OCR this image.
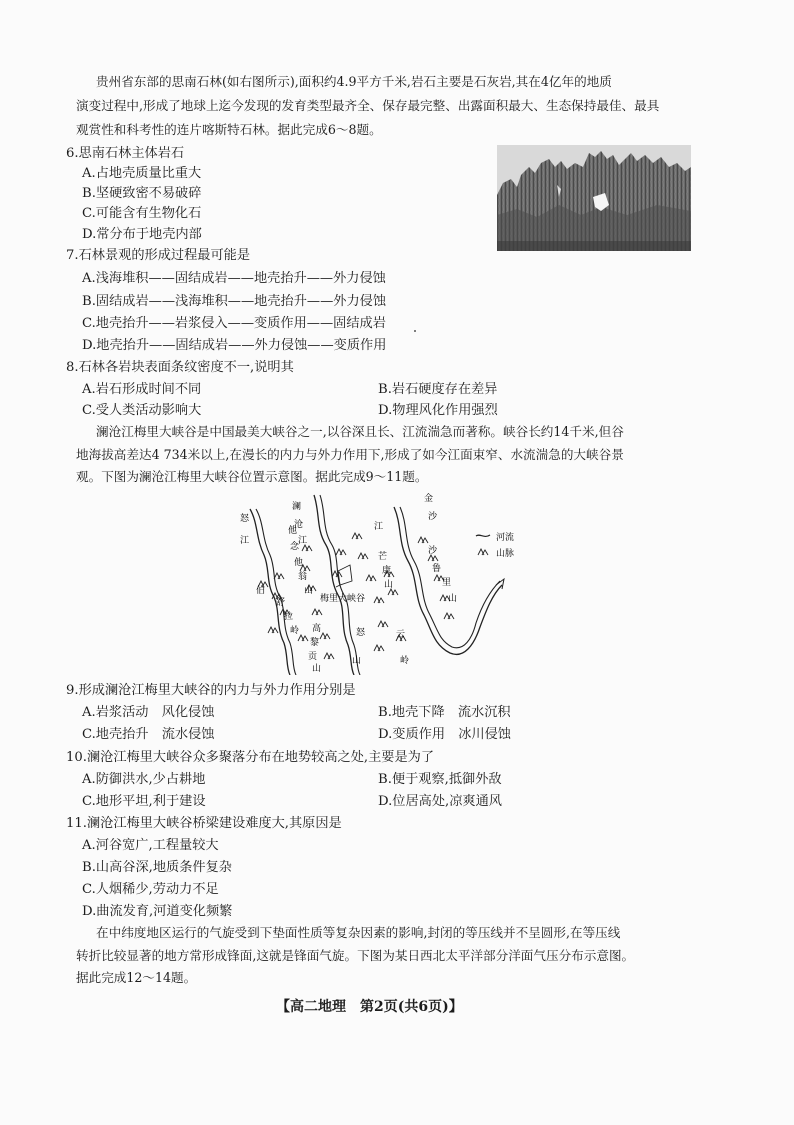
贵州省东部的思南石林(如右图所示),面积约4.9平方千米,岩石主要是石灰岩,其在4亿年的地质
演变过程中,形成了地球上迄今发现的发育类型最齐全、保存最完整、出露面积最大、生态保持最佳、最具
观赏性和科考性的连片喀斯特石林。据此完成6～8题。
6.思南石林主体岩石
A.占地壳质量比重大
B.坚硬致密不易破碎
C.可能含有生物化石
D.常分布于地壳内部
7.石林景观的形成过程最可能是
A.浅海堆积——固结成岩——地壳抬升——外力侵蚀
B.固结成岩——浅海堆积——地壳抬升——外力侵蚀
C.地壳抬升——岩浆侵入——变质作用——固结成岩
D.地壳抬升——固结成岩——外力侵蚀——变质作用
8.石林各岩块表面条纹密度不一,说明其
A.岩石形成时间不同	B.岩石硬度存在差异
C.受人类活动影响大	D.物理风化作用强烈
澜沧江梅里大峡谷是中国最美大峡谷之一,以谷深且长、江流湍急而著称。峡谷长约14千米,但谷
地海拔高差达4 734米以上,在漫长的内力与外力作用下,形成了如今江面束窄、水流湍急的大峡谷景
观。下图为澜沧江梅里大峡谷位置示意图。据此完成9～11题。
河流
山脉
怒
江
澜
沧
江
金
沙
江
伯
舒
拉
岭
他
念
他
翁
山
芒
康
山
高
黎
贡
山
云
岭
沙
鲁
里
山
怒
山
梅里大峡谷
9.形成澜沧江梅里大峡谷的内力与外力作用分别是
A.岩浆活动　风化侵蚀	B.地壳下降　流水沉积
C.地壳抬升　流水侵蚀	D.变质作用　冰川侵蚀
10.澜沧江梅里大峡谷众多聚落分布在地势较高之处,主要是为了
A.防御洪水,少占耕地	B.便于观察,抵御外敌
C.地形平坦,利于建设	D.位居高处,凉爽通风
11.澜沧江梅里大峡谷桥梁建设难度大,其原因是
A.河谷宽广,工程量较大
B.山高谷深,地质条件复杂
C.人烟稀少,劳动力不足
D.曲流发育,河道变化频繁
在中纬度地区运行的气旋受到下垫面性质等复杂因素的影响,封闭的等压线并不呈圆形,在等压线
转折比较显著的地方常形成锋面,这就是锋面气旋。下图为某日西北太平洋部分洋面气压分布示意图。
据此完成12～14题。
【高二地理　第2页(共6页)】
